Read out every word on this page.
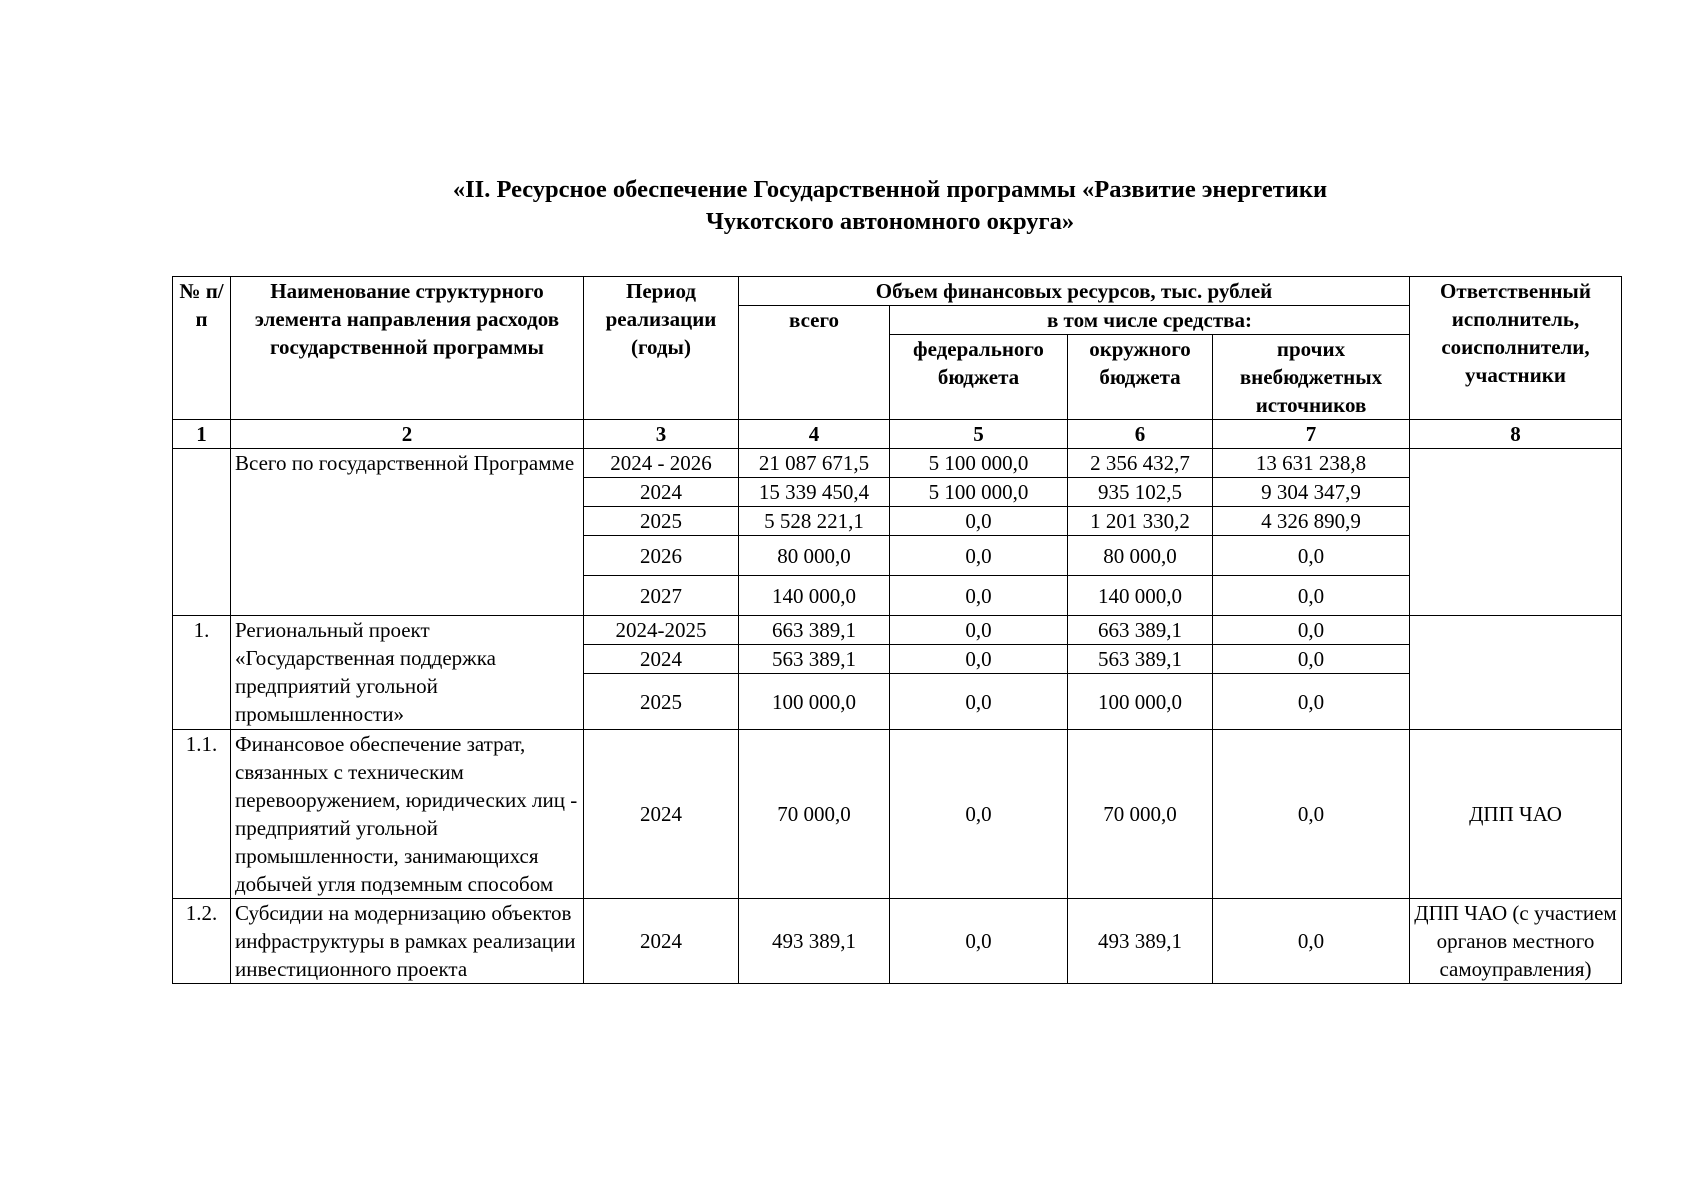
«II. Ресурсное обеспечение Государственной программы «Развитие энергетики
Чукотского автономного округа»
№ п/п	Наименование структурного элемента направления расходов государственной программы	Период реализации (годы)	Объем финансовых ресурсов, тыс. рублей				Ответственный исполнитель, соисполнители, участники
			всего	в том числе средства:			
				федерального бюджета	окружного бюджета	прочих внебюджетных источников	
1	2	3	4	5	6	7	8
	Всего по государственной Программе	2024 - 2026	21 087 671,5	5 100 000,0	2 356 432,7	13 631 238,8	
		2024	15 339 450,4	5 100 000,0	935 102,5	9 304 347,9	
		2025	5 528 221,1	0,0	1 201 330,2	4 326 890,9	
		2026	80 000,0	0,0	80 000,0	0,0	
		2027	140 000,0	0,0	140 000,0	0,0	
1.	Региональный проект «Государственная поддержка предприятий угольной промышленности»	2024-2025	663 389,1	0,0	663 389,1	0,0	
		2024	563 389,1	0,0	563 389,1	0,0	
		2025	100 000,0	0,0	100 000,0	0,0	
1.1.	Финансовое обеспечение затрат, связанных с техническим перевооружением, юридических лиц - предприятий угольной промышленности, занимающихся добычей угля подземным способом	2024	70 000,0	0,0	70 000,0	0,0	ДПП ЧАО
1.2.	Субсидии на модернизацию объектов инфраструктуры в рамках реализации инвестиционного проекта	2024	493 389,1	0,0	493 389,1	0,0	ДПП ЧАО (с участием органов местного самоуправления)
